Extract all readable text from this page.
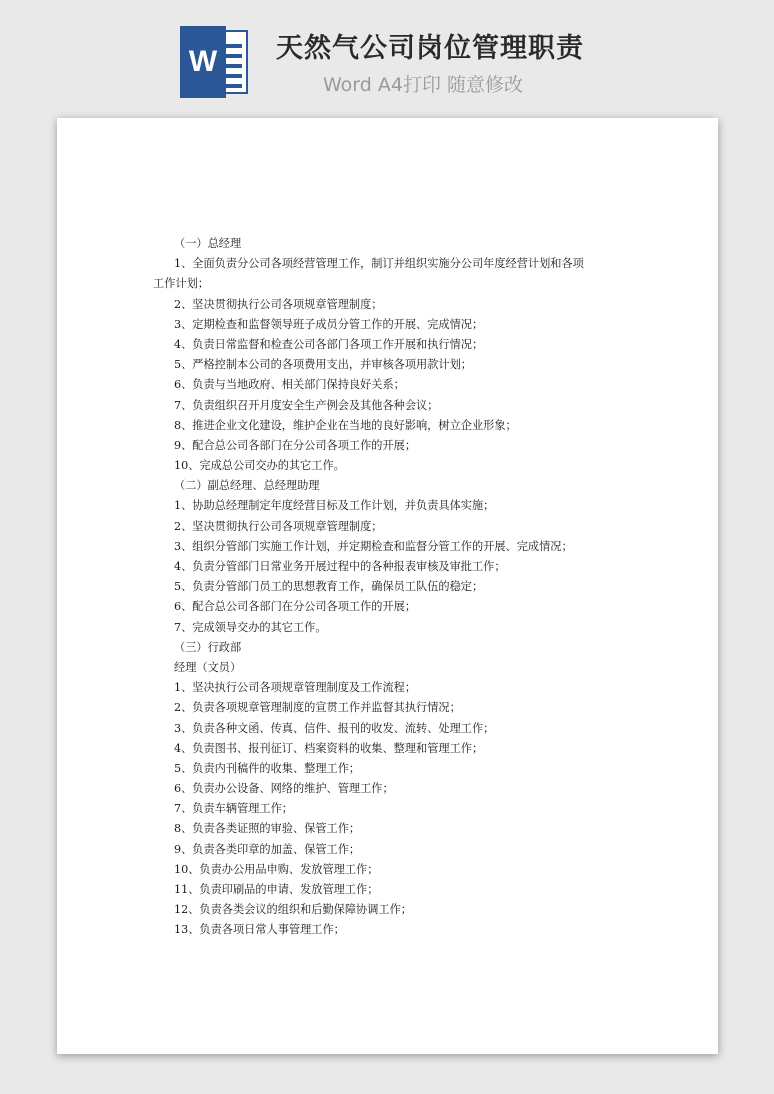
W	天然气公司岗位管理职责
Word A4打印 随意修改
（一）总经理
1、全面负责分公司各项经营管理工作，制订并组织实施分公司年度经营计划和各项
工作计划；
2、坚决贯彻执行公司各项规章管理制度；
3、定期检查和监督领导班子成员分管工作的开展、完成情况；
4、负责日常监督和检查公司各部门各项工作开展和执行情况；
5、严格控制本公司的各项费用支出，并审核各项用款计划；
6、负责与当地政府、相关部门保持良好关系；
7、负责组织召开月度安全生产例会及其他各种会议；
8、推进企业文化建设，维护企业在当地的良好影响，树立企业形象；
9、配合总公司各部门在分公司各项工作的开展；
10、完成总公司交办的其它工作。
（二）副总经理、总经理助理
1、协助总经理制定年度经营目标及工作计划，并负责具体实施；
2、坚决贯彻执行公司各项规章管理制度；
3、组织分管部门实施工作计划，并定期检查和监督分管工作的开展、完成情况；
4、负责分管部门日常业务开展过程中的各种报表审核及审批工作；
5、负责分管部门员工的思想教育工作，确保员工队伍的稳定；
6、配合总公司各部门在分公司各项工作的开展；
7、完成领导交办的其它工作。
（三）行政部
经理（文员）
1、坚决执行公司各项规章管理制度及工作流程；
2、负责各项规章管理制度的宣贯工作并监督其执行情况；
3、负责各种文函、传真、信件、报刊的收发、流转、处理工作；
4、负责图书、报刊征订、档案资料的收集、整理和管理工作；
5、负责内刊稿件的收集、整理工作；
6、负责办公设备、网络的维护、管理工作；
7、负责车辆管理工作；
8、负责各类证照的审验、保管工作；
9、负责各类印章的加盖、保管工作；
10、负责办公用品申购、发放管理工作；
11、负责印刷品的申请、发放管理工作；
12、负责各类会议的组织和后勤保障协调工作；
13、负责各项日常人事管理工作；
